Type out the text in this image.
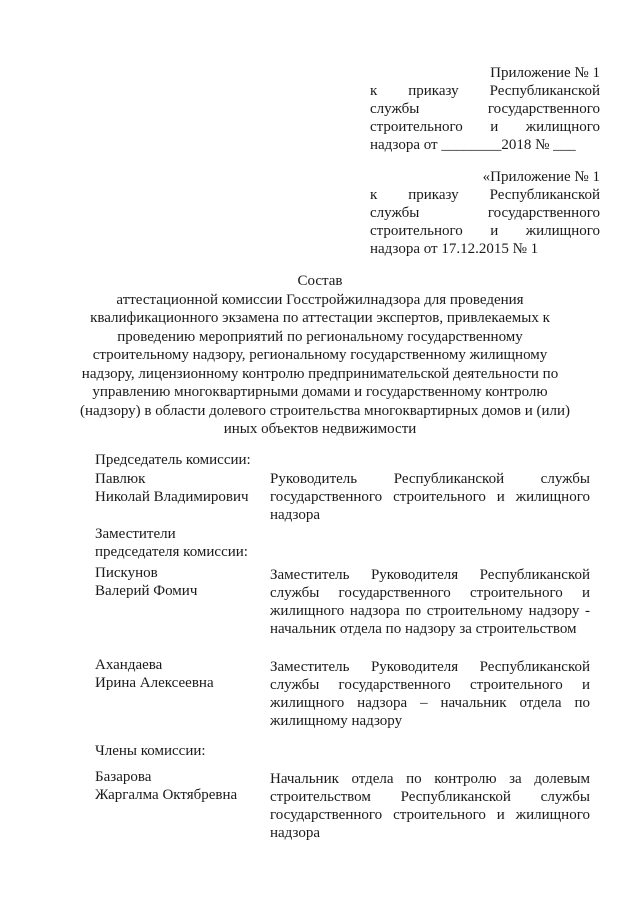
Приложение № 1
к приказу Республиканской
службы государственного
строительного и жилищного
надзора от ________2018 № ___
«Приложение № 1
к приказу Республиканской
службы государственного
строительного и жилищного
надзора от 17.12.2015 № 1
Состав
аттестационной комиссии Госстройжилнадзора для проведения
квалификационного экзамена по аттестации экспертов, привлекаемых к
проведению мероприятий по региональному государственному
строительному надзору, региональному государственному жилищному
надзору, лицензионному контролю предпринимательской деятельности по
управлению многоквартирными домами и государственному контролю
(надзору) в области долевого строительства многоквартирных домов и (или)
иных объектов недвижимости
Председатель комиссии:
Павлюк
Николай Владимирович
Руководитель Республиканской службы
государственного строительного и жилищного
надзора
Заместители
председателя комиссии:
Пискунов
Валерий Фомич
Заместитель Руководителя Республиканской
службы государственного строительного и
жилищного надзора по строительному надзору -
начальник отдела по надзору за строительством
Ахандаева
Ирина Алексеевна
Заместитель Руководителя Республиканской
службы государственного строительного и
жилищного надзора – начальник отдела по
жилищному надзору
Члены комиссии:
Базарова
Жаргалма Октябревна
Начальник отдела по контролю за долевым
строительством Республиканской службы
государственного строительного и жилищного
надзора
